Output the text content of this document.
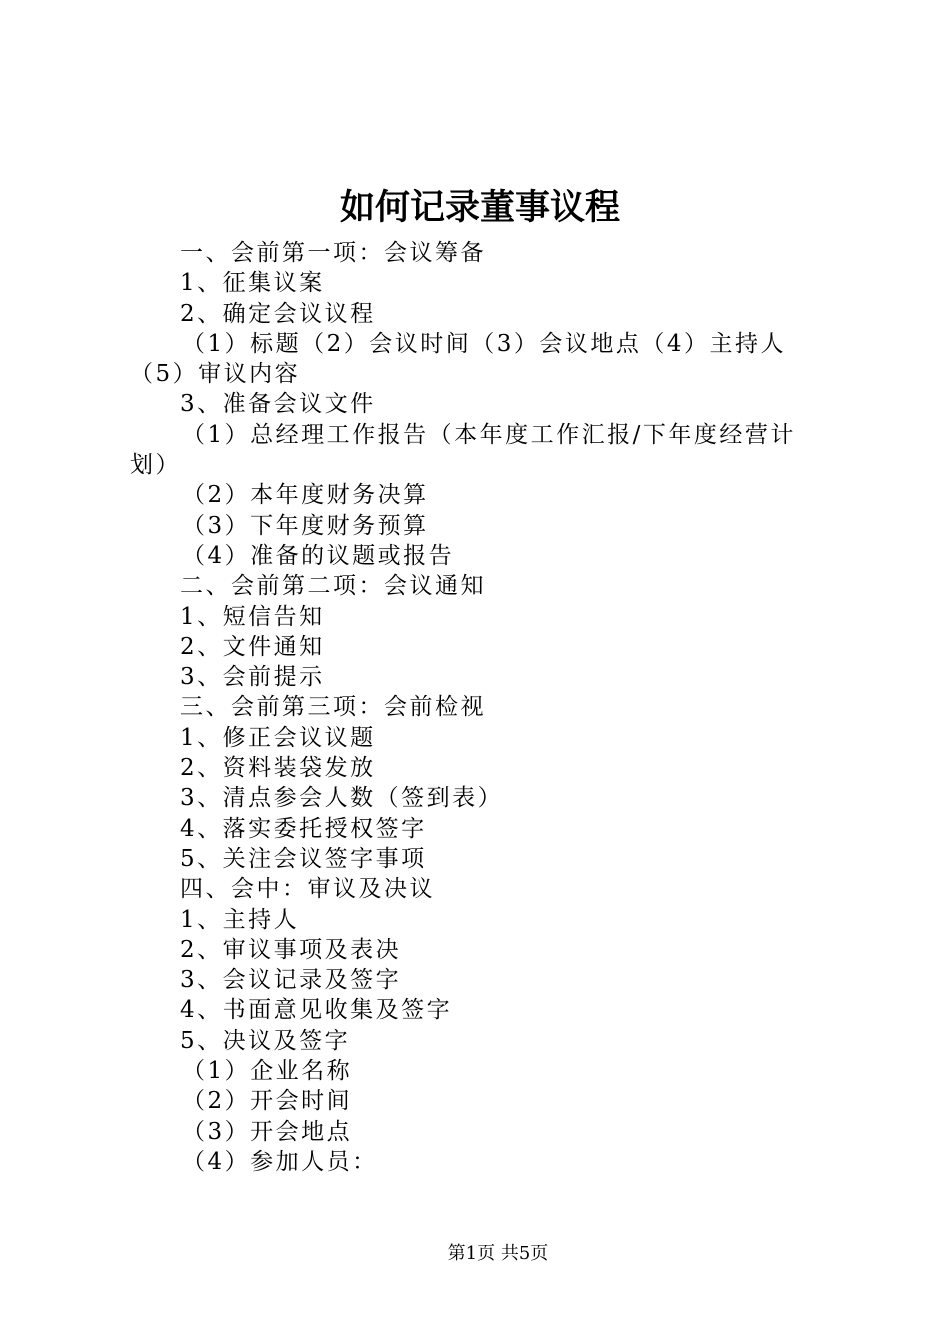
如何记录董事议程

一、会前第一项：会议筹备

1、征集议案

2、确定会议议程

（1）标题（2）会议时间（3）会议地点（4）主持人（5）审议内容

3、准备会议文件

（1）总经理工作报告（本年度工作汇报/下年度经营计划）

（2）本年度财务决算

（3）下年度财务预算

（4）准备的议题或报告

二、会前第二项：会议通知

1、短信告知

2、文件通知

3、会前提示

三、会前第三项：会前检视

1、修正会议议题

2、资料装袋发放

3、清点参会人数（签到表）

4、落实委托授权签字

5、关注会议签字事项

四、会中：审议及决议

1、主持人

2、审议事项及表决

3、会议记录及签字

4、书面意见收集及签字

5、决议及签字

（1）企业名称

（2）开会时间

（3）开会地点

（4）参加人员：

第1页 共5页
